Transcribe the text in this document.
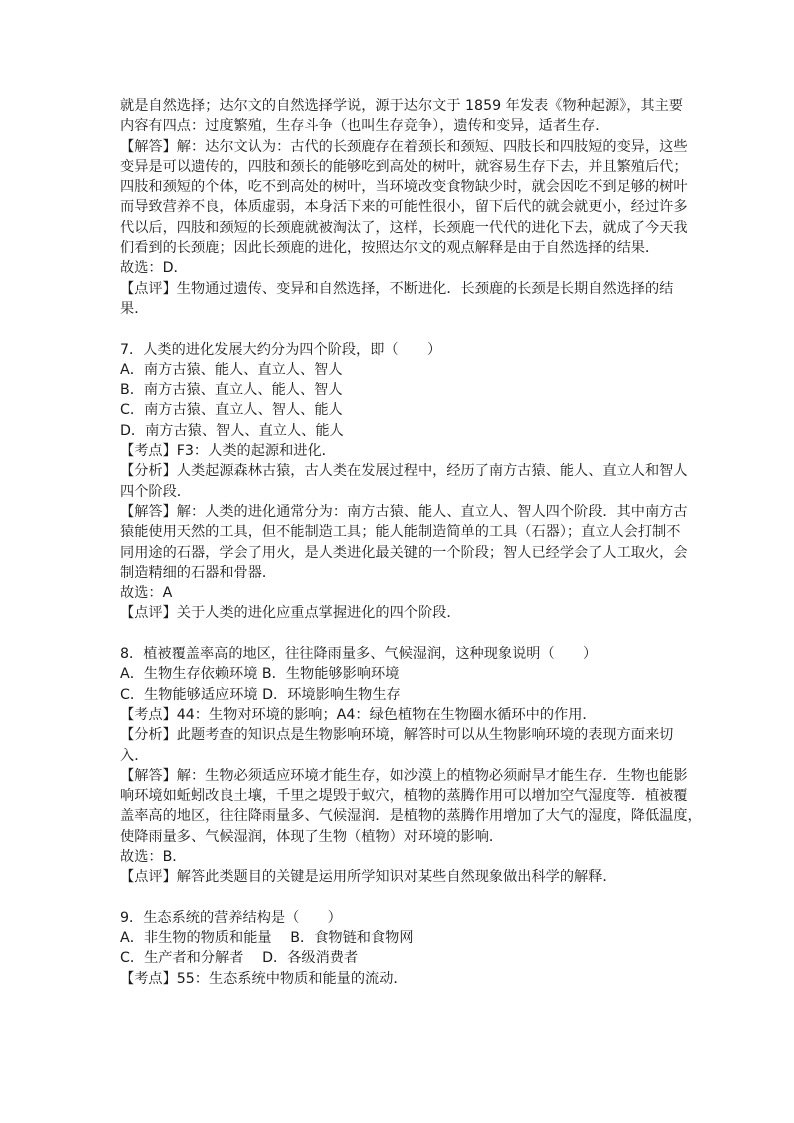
就是自然选择；达尔文的自然选择学说，源于达尔文于 1859 年发表《物种起源》，其主要
内容有四点：过度繁殖，生存斗争（也叫生存竞争），遗传和变异，适者生存．
【解答】解：达尔文认为：古代的长颈鹿存在着颈长和颈短、四肢长和四肢短的变异，这些
变异是可以遗传的，四肢和颈长的能够吃到高处的树叶，就容易生存下去，并且繁殖后代；
四肢和颈短的个体，吃不到高处的树叶，当环境改变食物缺少时，就会因吃不到足够的树叶
而导致营养不良，体质虚弱，本身活下来的可能性很小，留下后代的就会就更小，经过许多
代以后，四肢和颈短的长颈鹿就被淘汰了，这样，长颈鹿一代代的进化下去，就成了今天我
们看到的长颈鹿；因此长颈鹿的进化，按照达尔文的观点解释是由于自然选择的结果．
故选：D．
【点评】生物通过遗传、变异和自然选择，不断进化．长颈鹿的长颈是长期自然选择的结
果．
7．人类的进化发展大约分为四个阶段，即（　　）
A．南方古猿、能人、直立人、智人
B．南方古猿、直立人、能人、智人
C．南方古猿、直立人、智人、能人
D．南方古猿、智人、直立人、能人
【考点】F3：人类的起源和进化．
【分析】人类起源森林古猿，古人类在发展过程中，经历了南方古猿、能人、直立人和智人
四个阶段．
【解答】解：人类的进化通常分为：南方古猿、能人、直立人、智人四个阶段．其中南方古
猿能使用天然的工具，但不能制造工具；能人能制造简单的工具（石器）；直立人会打制不
同用途的石器，学会了用火，是人类进化最关键的一个阶段；智人已经学会了人工取火，会
制造精细的石器和骨器．
故选：A
【点评】关于人类的进化应重点掌握进化的四个阶段．
8．植被覆盖率高的地区，往往降雨量多、气候湿润，这种现象说明（　　）
A．生物生存依赖环境 B．生物能够影响环境
C．生物能够适应环境 D．环境影响生物生存
【考点】44：生物对环境的影响；A4：绿色植物在生物圈水循环中的作用．
【分析】此题考查的知识点是生物影响环境，解答时可以从生物影响环境的表现方面来切
入．
【解答】解：生物必须适应环境才能生存，如沙漠上的植物必须耐旱才能生存．生物也能影
响环境如蚯蚓改良土壤，千里之堤毁于蚁穴，植物的蒸腾作用可以增加空气湿度等．植被覆
盖率高的地区，往往降雨量多、气候湿润．是植物的蒸腾作用增加了大气的湿度，降低温度，
使降雨量多、气候湿润，体现了生物（植物）对环境的影响．
故选：B．
【点评】解答此类题目的关键是运用所学知识对某些自然现象做出科学的解释．
9．生态系统的营养结构是（　　）
A．非生物的物质和能量　 B．食物链和食物网
C．生产者和分解者　 D．各级消费者
【考点】55：生态系统中物质和能量的流动．
